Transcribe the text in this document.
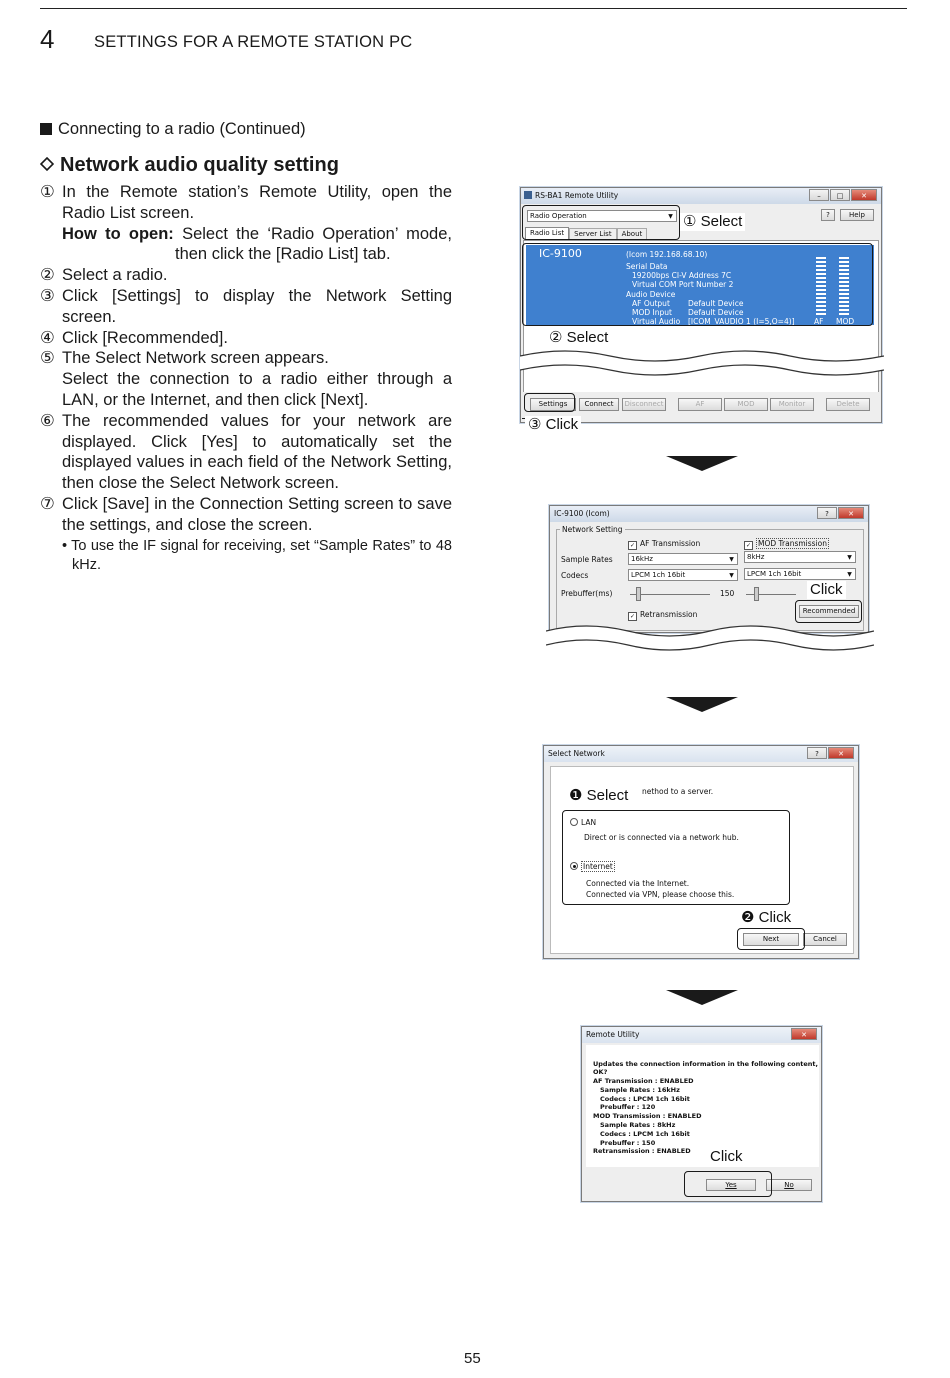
4 SETTINGS FOR A REMOTE STATION PC
Connecting to a radio (Continued)
Network audio quality setting
① In the Remote station’s Remote Utility, open the Radio List screen.
How to open: Select the ‘Radio Operation’ mode, then click the [Radio List] tab.
② Select a radio.
③ Click [Settings] to display the Network Setting screen.
④ Click [Recommended].
⑤ The Select Network screen appears.
Select the connection to a radio either through a LAN, or the Internet, and then click [Next].
⑥ The recommended values for your network are displayed. Click [Yes] to automatically set the displayed values in each field of the Network Setting, then close the Select Network screen.
⑦ Click [Save] in the Connection Setting screen to save the settings, and close the screen.
• To use the IF signal for receiving, set “Sample Rates” to 48 kHz.
RS-BA1 Remote Utility	–	□	✕
Radio Operation	▼	?	Help
Radio List	Server List	About
IC-9100	(Icom 192.168.68.10)
Serial Data
19200bps CI-V Address 7C
Virtual COM Port Number 2
Audio Device
AF Output Default Device
MOD Input Default Device
Virtual Audio [ICOM_VAUDIO 1 (I=5,O=4)]	AF MOD
Settings	Connect	Disconnect	AF	MOD	Monitor	Delete
① Select
② Select
③ Click
IC-9100 (Icom)	?	✕
Network Setting
✓ AF Transmission	✓ MOD Transmission
Sample Rates	16kHz	▼	8kHz	▼
Codecs	LPCM 1ch 16bit	▼	LPCM 1ch 16bit	▼
Prebuffer(ms)	150
✓ Retransmission	Recommended
Click
Select Network	?	✕
nethod to a server.
LAN
Direct or is connected via a network hub.
Internet
Connected via the Internet.
Connected via VPN, please choose this.
Next	Cancel
❶ Select
❷ Click
Remote Utility	✕
Updates the connection information in the following content, OK?
AF Transmission : ENABLED
Sample Rates : 16kHz
Codecs : LPCM 1ch 16bit
Prebuffer : 120
MOD Transmission : ENABLED
Sample Rates : 8kHz
Codecs : LPCM 1ch 16bit
Prebuffer : 150
Retransmission : ENABLED
Yes	No
Click
55
